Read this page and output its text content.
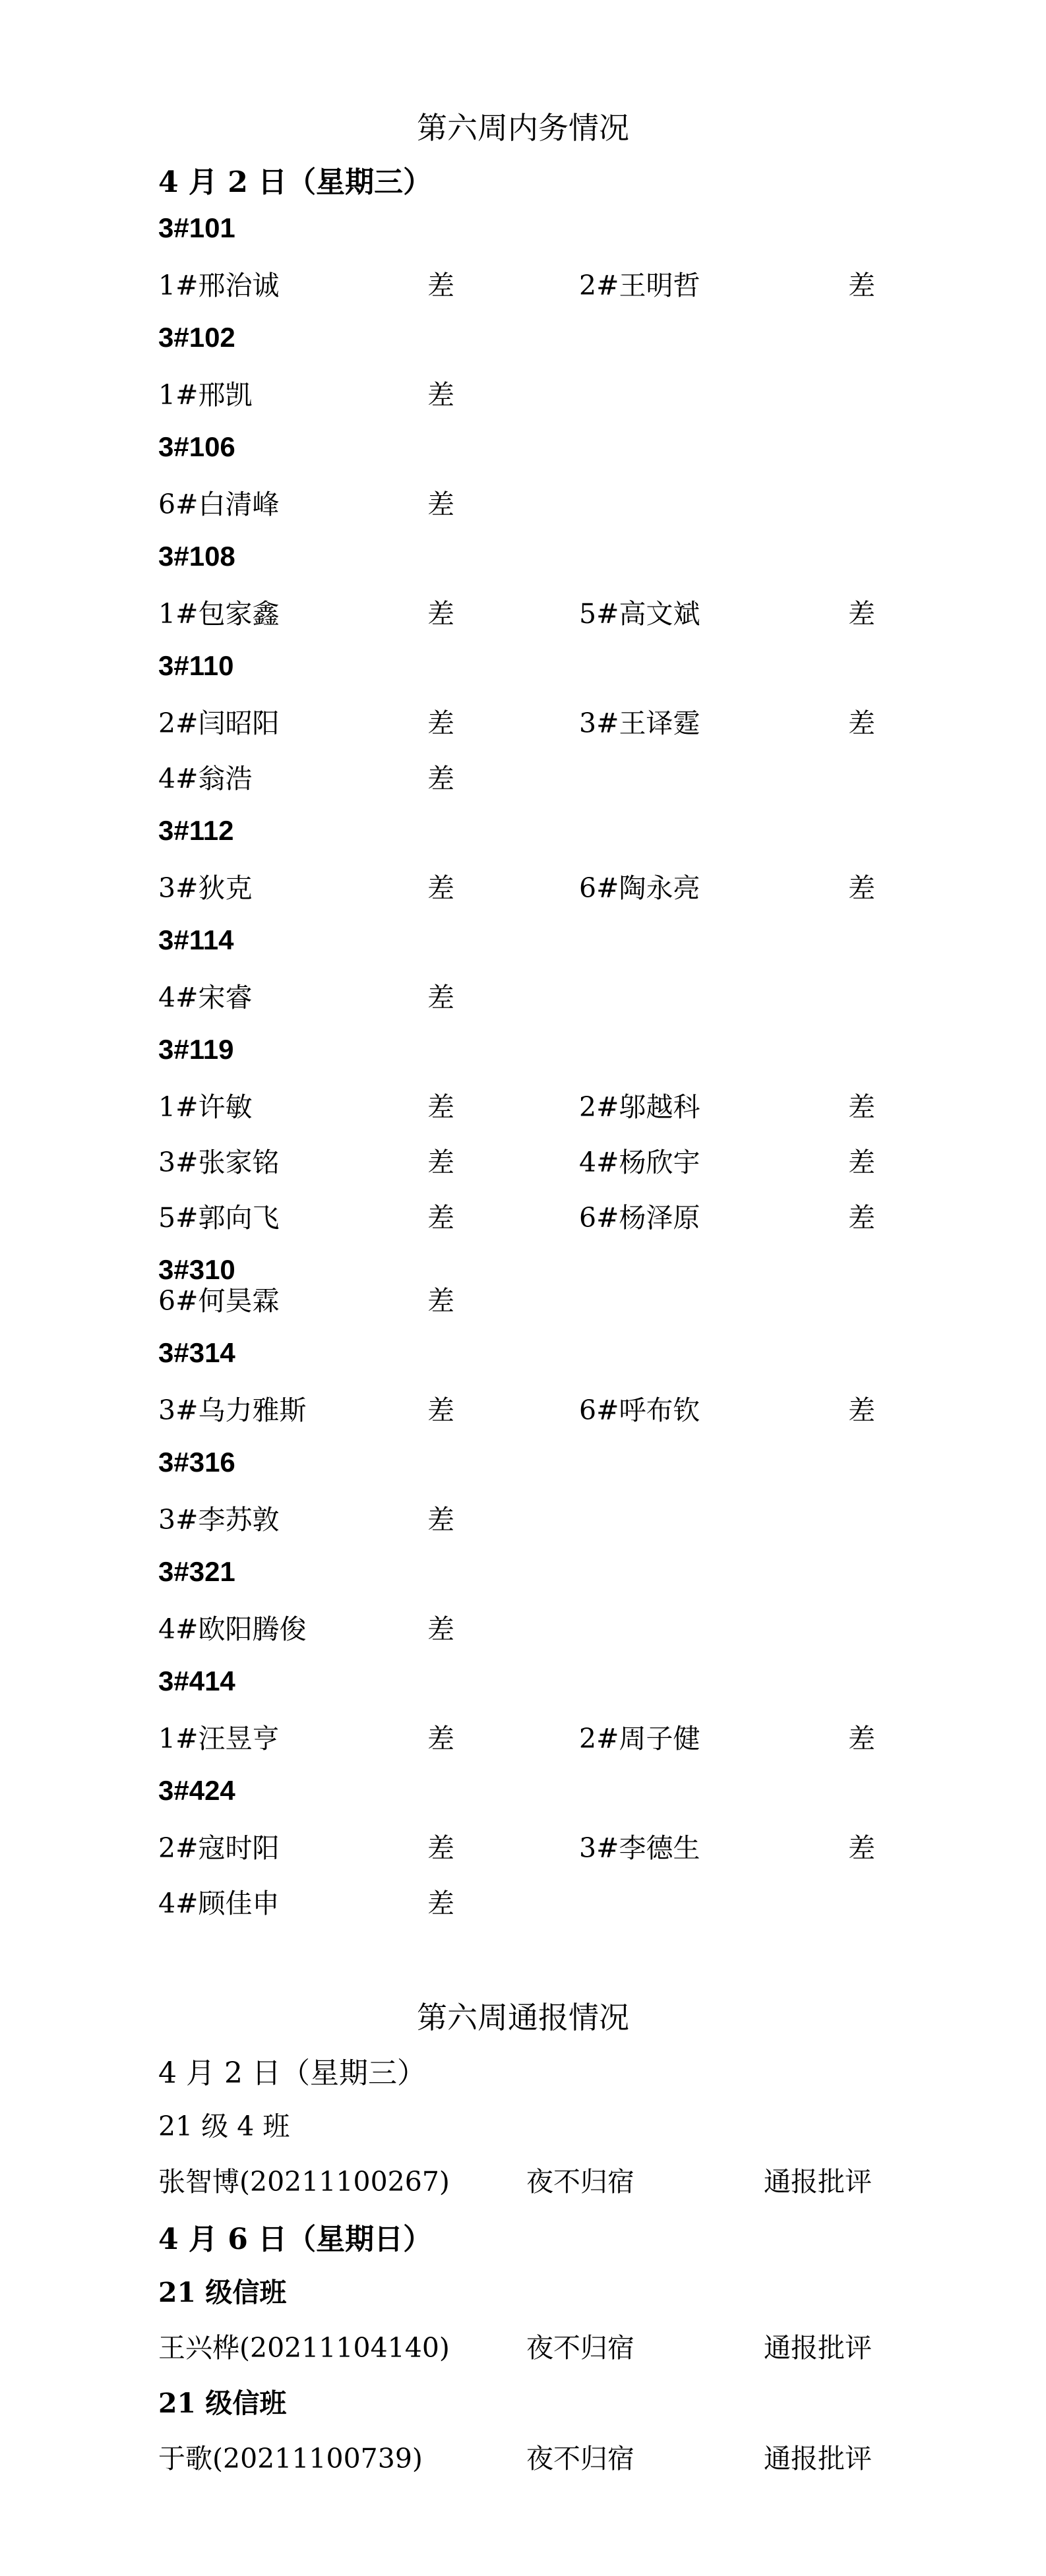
第六周内务情况
4 月 2 日（星期三）
3#101
1#邢治诚	差	2#王明哲	差
3#102
1#邢凯	差
3#106
6#白清峰	差
3#108
1#包家鑫	差	5#高文斌	差
3#110
2#闫昭阳	差	3#王译霆	差
4#翁浩	差
3#112
3#狄克	差	6#陶永亮	差
3#114
4#宋睿	差
3#119
1#许敏	差	2#邬越科	差
3#张家铭	差	4#杨欣宇	差
5#郭向飞	差	6#杨泽原	差
3#310
6#何昊霖	差
3#314
3#乌力雅斯	差	6#呼布钦	差
3#316
3#李苏敦	差
3#321
4#欧阳腾俊	差
3#414
1#汪昱亨	差	2#周子健	差
3#424
2#寇时阳	差	3#李德生	差
4#顾佳申	差
第六周通报情况
4 月 2 日（星期三）
21 级 4 班
张智博(20211100267)	夜不归宿	通报批评
4 月 6 日（星期日）
21 级信班
王兴桦(20211104140)	夜不归宿	通报批评
21 级信班
于歌(20211100739)	夜不归宿	通报批评
